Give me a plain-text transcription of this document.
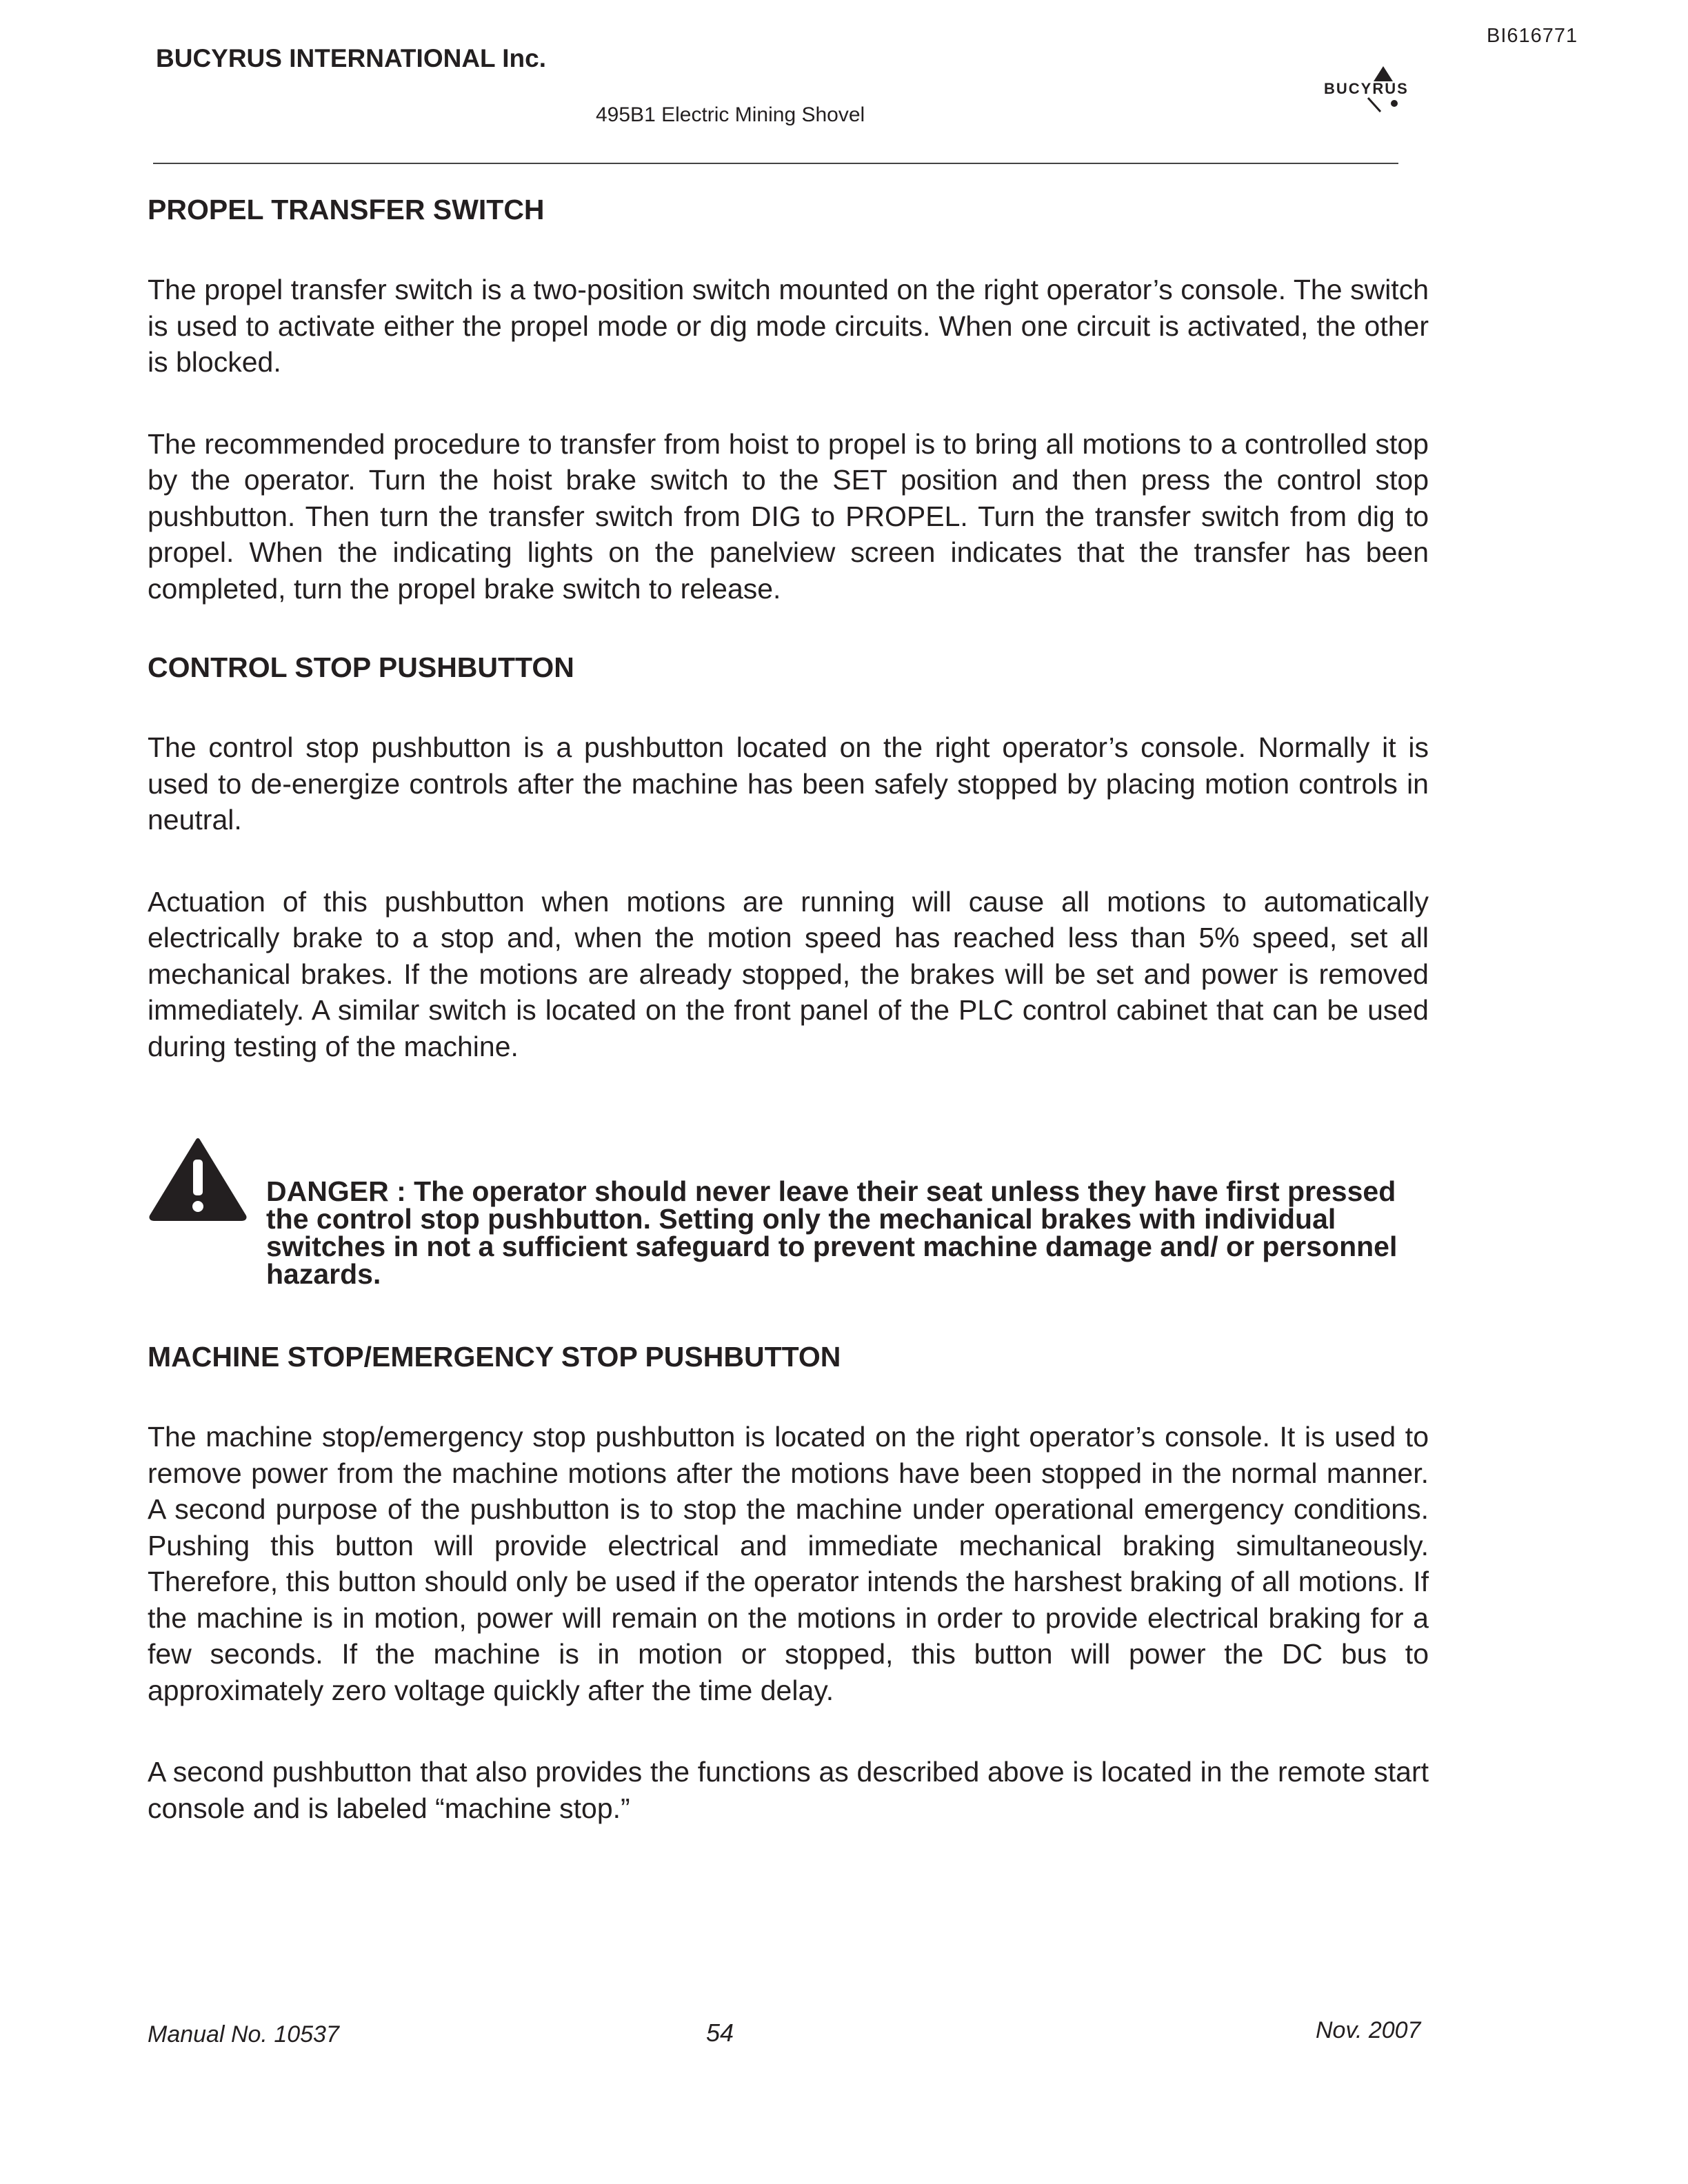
BI616771
BUCYRUS INTERNATIONAL Inc.
495B1 Electric Mining Shovel
BUCYRUS
PROPEL TRANSFER SWITCH

The propel transfer switch is a two-position switch mounted on the right operator’s console. The switch is used to activate either the propel mode or dig mode circuits. When one circuit is activated, the other is blocked.

The recommended procedure to transfer from hoist to propel is to bring all motions to a controlled stop by the operator. Turn the hoist brake switch to the SET position and then press the control stop pushbutton. Then turn the transfer switch from DIG to PROPEL. Turn the transfer switch from dig to propel. When the indicating lights on the panelview screen indicates that the transfer has been completed, turn the propel brake switch to release.

CONTROL STOP PUSHBUTTON

The control stop pushbutton is a pushbutton located on the right operator’s console. Normally it is used to de-energize controls after the machine has been safely stopped by placing motion controls in neutral.

Actuation of this pushbutton when motions are running will cause all motions to automatically electrically brake to a stop and, when the motion speed has reached less than 5% speed, set all mechanical brakes. If the motions are already stopped, the brakes will be set and power is removed immediately. A similar switch is located on the front panel of the PLC control cabinet that can be used during testing of the machine.

DANGER : The operator should never leave their seat unless they have first pressed the control stop pushbutton. Setting only the mechanical brakes with individual switches in not a sufficient safeguard to prevent machine damage and/ or personnel hazards.

MACHINE STOP/EMERGENCY STOP PUSHBUTTON

The machine stop/emergency stop pushbutton is located on the right operator’s console. It is used to remove power from the machine motions after the motions have been stopped in the normal manner. A second purpose of the pushbutton is to stop the machine under operational emergency conditions. Pushing this button will provide electrical and immediate mechanical braking simultaneously. Therefore, this button should only be used if the operator intends the harshest braking of all motions. If the machine is in motion, power will remain on the motions in order to provide electrical braking for a few seconds. If the machine is in motion or stopped, this button will power the DC bus to approximately zero voltage quickly after the time delay.

A second pushbutton that also provides the functions as described above is located in the remote start console and is labeled “machine stop.”

Manual No. 10537	54	Nov. 2007
